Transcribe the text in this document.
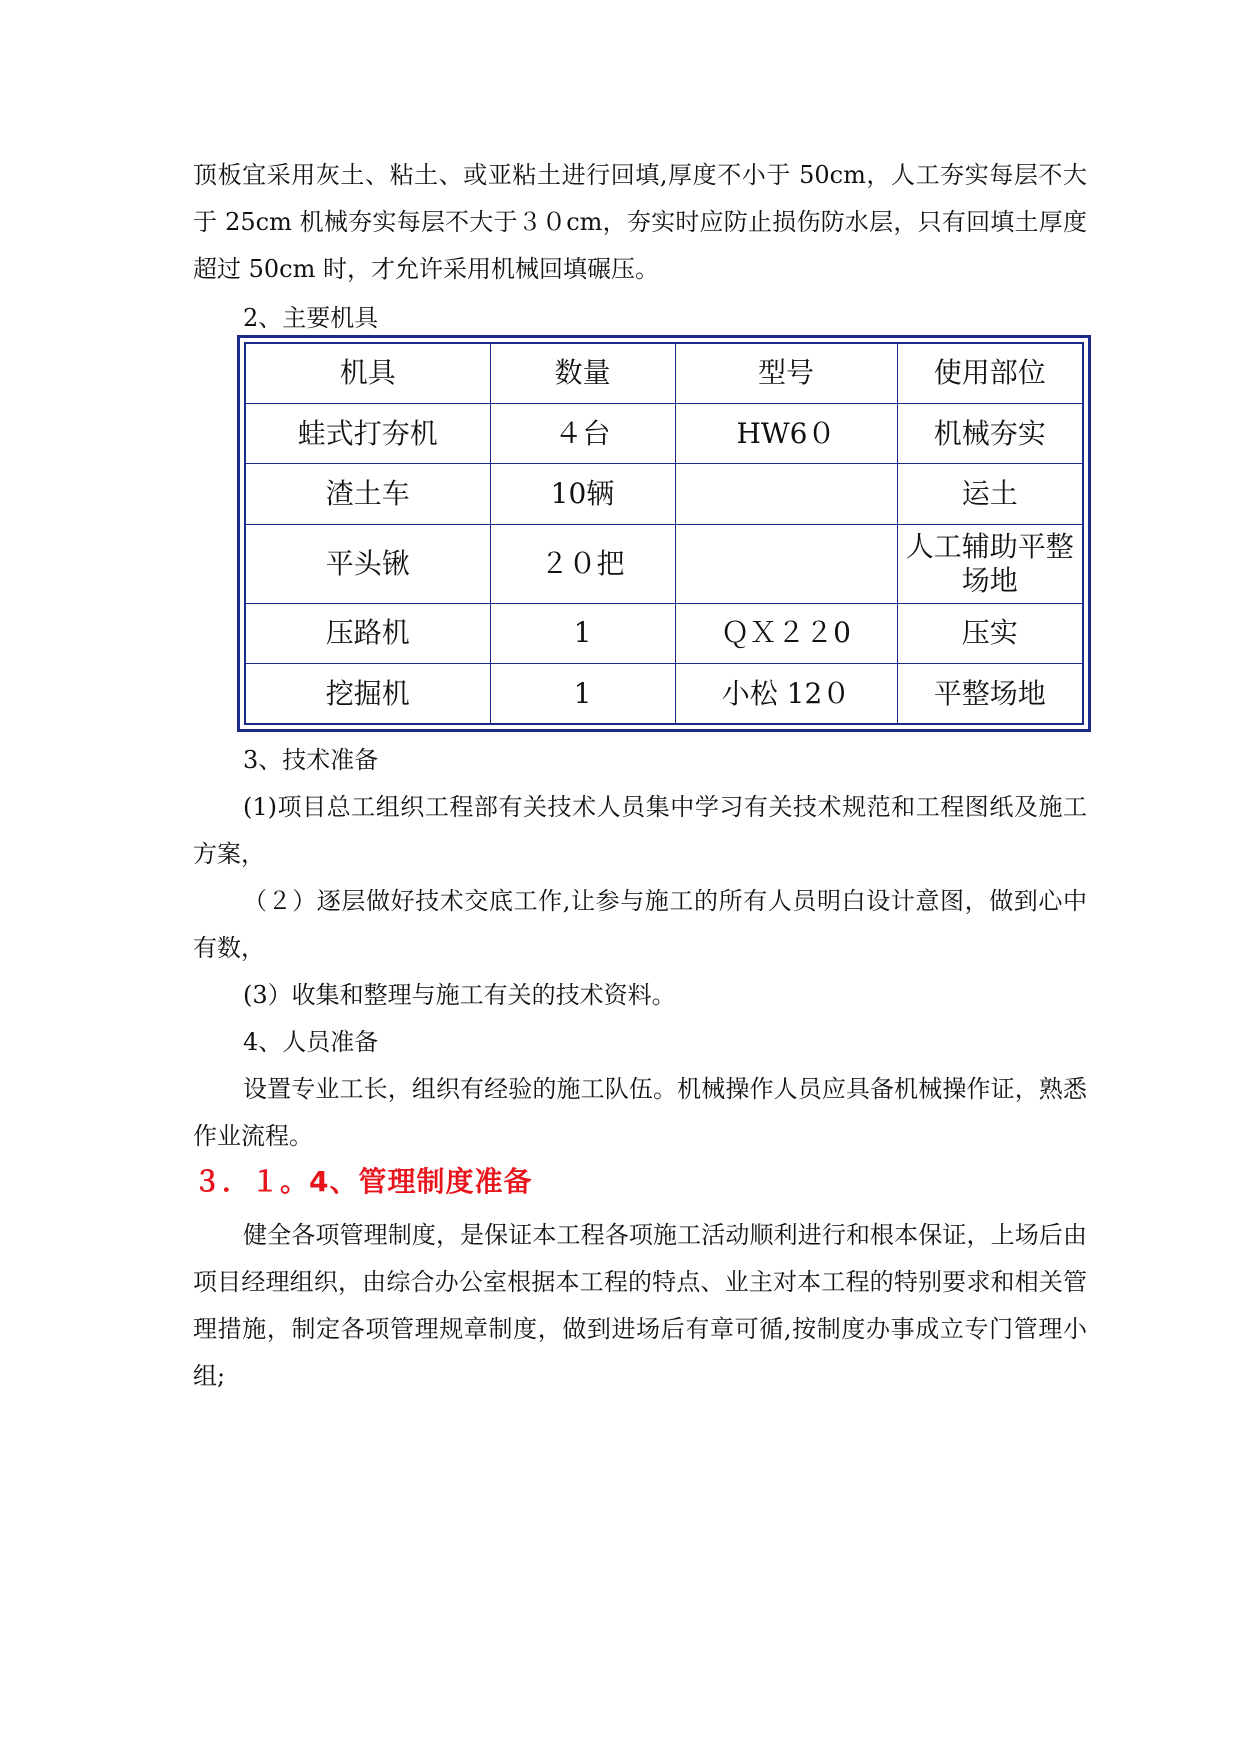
顶板宜采用灰土、粘土、或亚粘土进行回填,厚度不小于 50cm，人工夯实每层不大于 25cm 机械夯实每层不大于３０cm，夯实时应防止损伤防水层，只有回填土厚度超过 50cm 时，才允许采用机械回填碾压。

2、主要机具

机具	数量	型号	使用部位
蛙式打夯机	４台	HW6０	机械夯实
渣土车	10辆		运土
平头锹	２０把		人工辅助平整场地
压路机	1	ＱＸ２２0	压实
挖掘机	1	小松 12０	平整场地

3、技术准备

(1)项目总工组织工程部有关技术人员集中学习有关技术规范和工程图纸及施工方案，

（２）逐层做好技术交底工作,让参与施工的所有人员明白设计意图，做到心中有数，

(3）收集和整理与施工有关的技术资料。

4、人员准备

设置专业工长，组织有经验的施工队伍。机械操作人员应具备机械操作证，熟悉作业流程。

３．１。4、管理制度准备

健全各项管理制度，是保证本工程各项施工活动顺利进行和根本保证，上场后由项目经理组织，由综合办公室根据本工程的特点、业主对本工程的特别要求和相关管理措施，制定各项管理规章制度，做到进场后有章可循,按制度办事成立专门管理小组;
